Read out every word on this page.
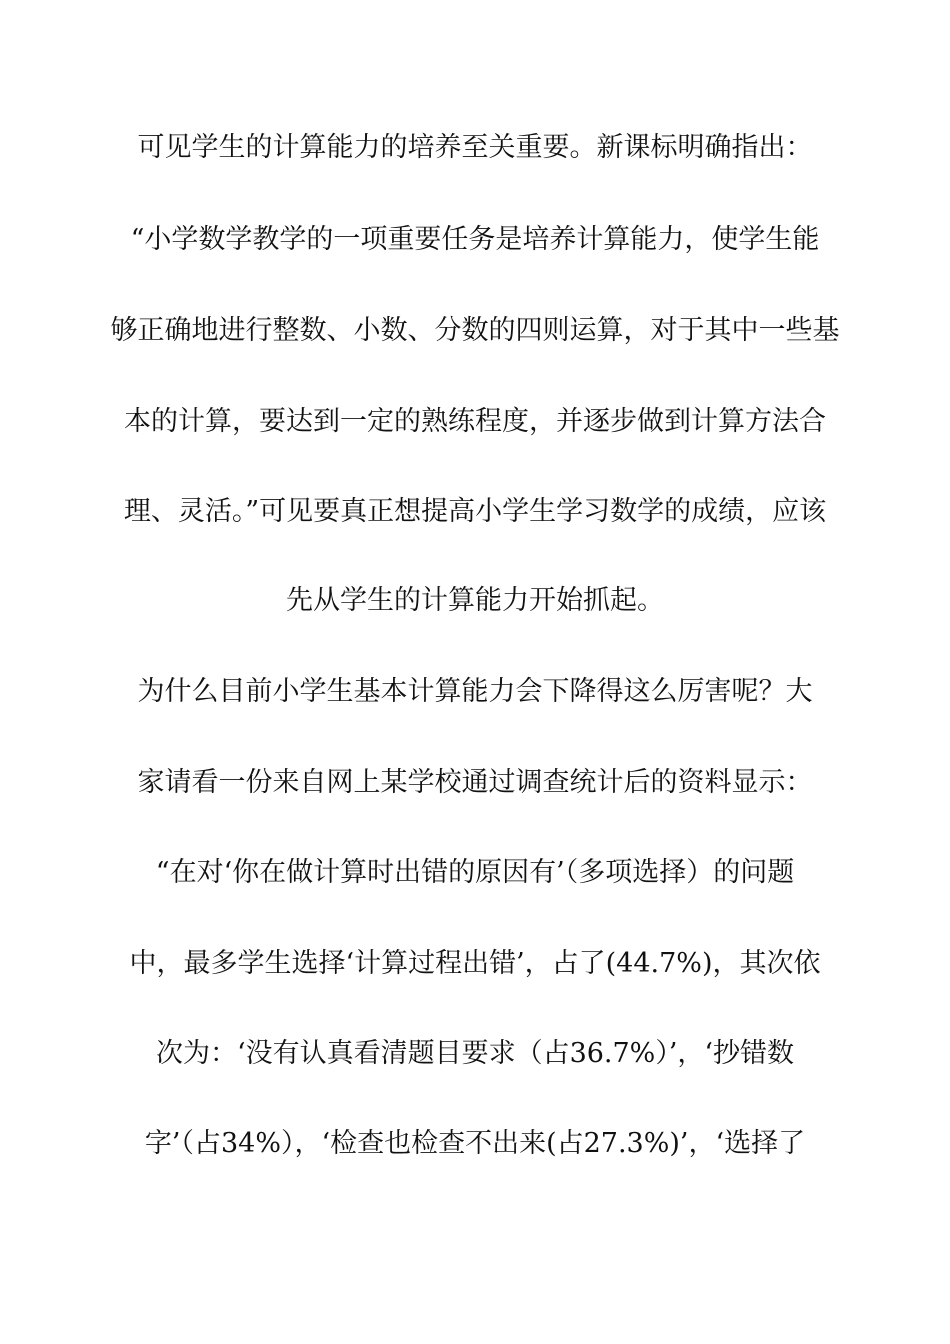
可见学生的计算能力的培养至关重要。新课标明确指出：
“小学数学教学的一项重要任务是培养计算能力，使学生能
够正确地进行整数、小数、分数的四则运算，对于其中一些基
本的计算，要达到一定的熟练程度，并逐步做到计算方法合
理、灵活。”可见要真正想提高小学生学习数学的成绩，应该
先从学生的计算能力开始抓起。
为什么目前小学生基本计算能力会下降得这么厉害呢？大
家请看一份来自网上某学校通过调查统计后的资料显示：
“在对‘你在做计算时出错的原因有’（多项选择）的问题
中，最多学生选择‘计算过程出错’，占了(44.7%)，其次依
次为：‘没有认真看清题目要求（占36.7%）’，‘抄错数
字’（占34%），‘检查也检查不出来(占27.3%)’，‘选择了
